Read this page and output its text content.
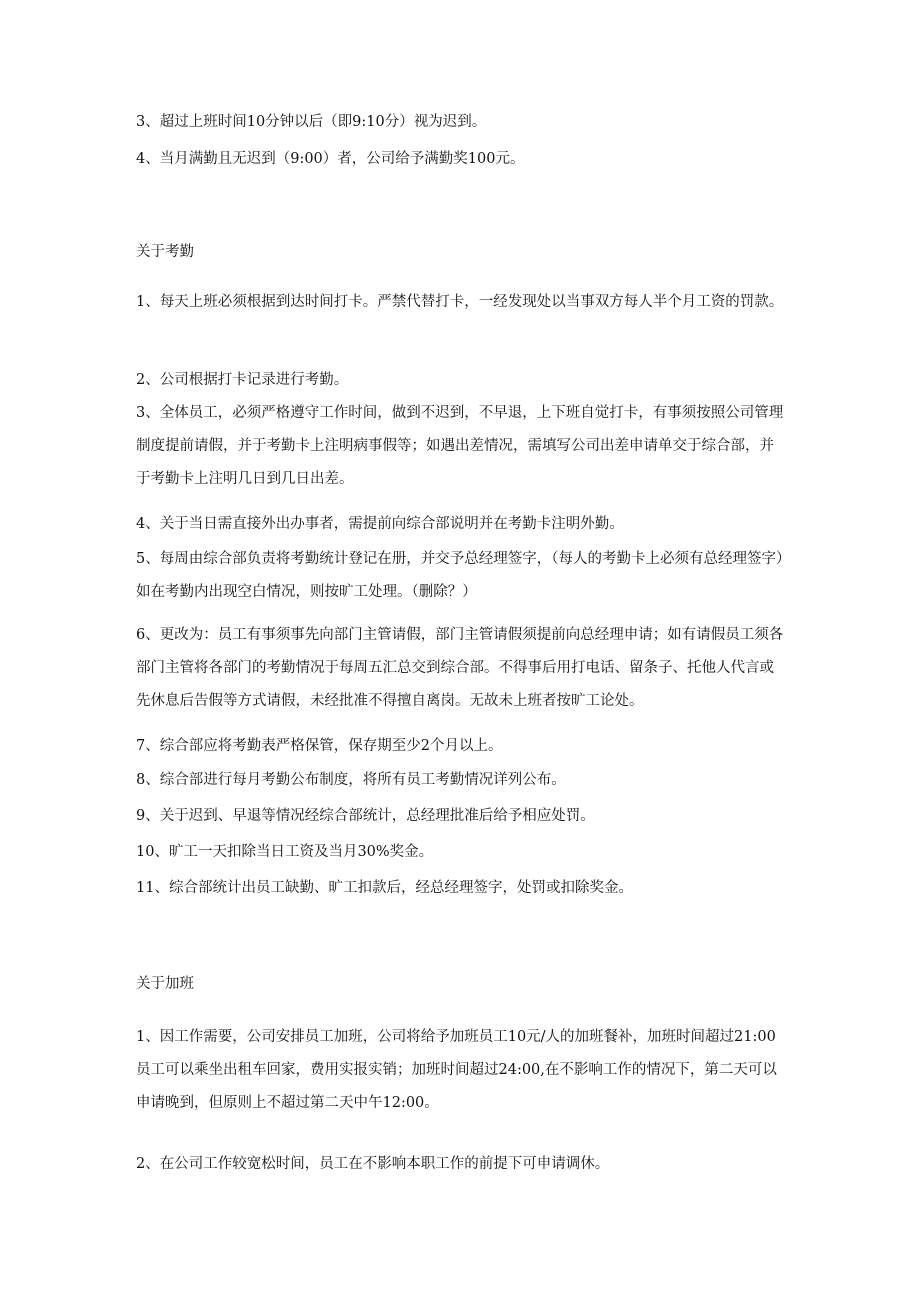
3、超过上班时间10分钟以后（即9:10分）视为迟到。
4、当月满勤且无迟到（9:00）者，公司给予满勤奖100元。
关于考勤
1、每天上班必须根据到达时间打卡。严禁代替打卡，一经发现处以当事双方每人半个月工资的罚款。
2、公司根据打卡记录进行考勤。
3、全体员工，必须严格遵守工作时间，做到不迟到，不早退，上下班自觉打卡，有事须按照公司管理制度提前请假，并于考勤卡上注明病事假等；如遇出差情况，需填写公司出差申请单交于综合部，并于考勤卡上注明几日到几日出差。
4、关于当日需直接外出办事者，需提前向综合部说明并在考勤卡注明外勤。
5、每周由综合部负责将考勤统计登记在册，并交予总经理签字，（每人的考勤卡上必须有总经理签字）如在考勤内出现空白情况，则按旷工处理。（删除？）
6、更改为：员工有事须事先向部门主管请假，部门主管请假须提前向总经理申请；如有请假员工须各部门主管将各部门的考勤情况于每周五汇总交到综合部。不得事后用打电话、留条子、托他人代言或先休息后告假等方式请假，未经批准不得擅自离岗。无故未上班者按旷工论处。
7、综合部应将考勤表严格保管，保存期至少2个月以上。
8、综合部进行每月考勤公布制度，将所有员工考勤情况详列公布。
9、关于迟到、早退等情况经综合部统计，总经理批准后给予相应处罚。
10、旷工一天扣除当日工资及当月30%奖金。
11、综合部统计出员工缺勤、旷工扣款后，经总经理签字，处罚或扣除奖金。
关于加班
1、因工作需要，公司安排员工加班，公司将给予加班员工10元/人的加班餐补，加班时间超过21:00员工可以乘坐出租车回家，费用实报实销；加班时间超过24:00,在不影响工作的情况下，第二天可以申请晚到，但原则上不超过第二天中午12:00。
2、在公司工作较宽松时间，员工在不影响本职工作的前提下可申请调休。
